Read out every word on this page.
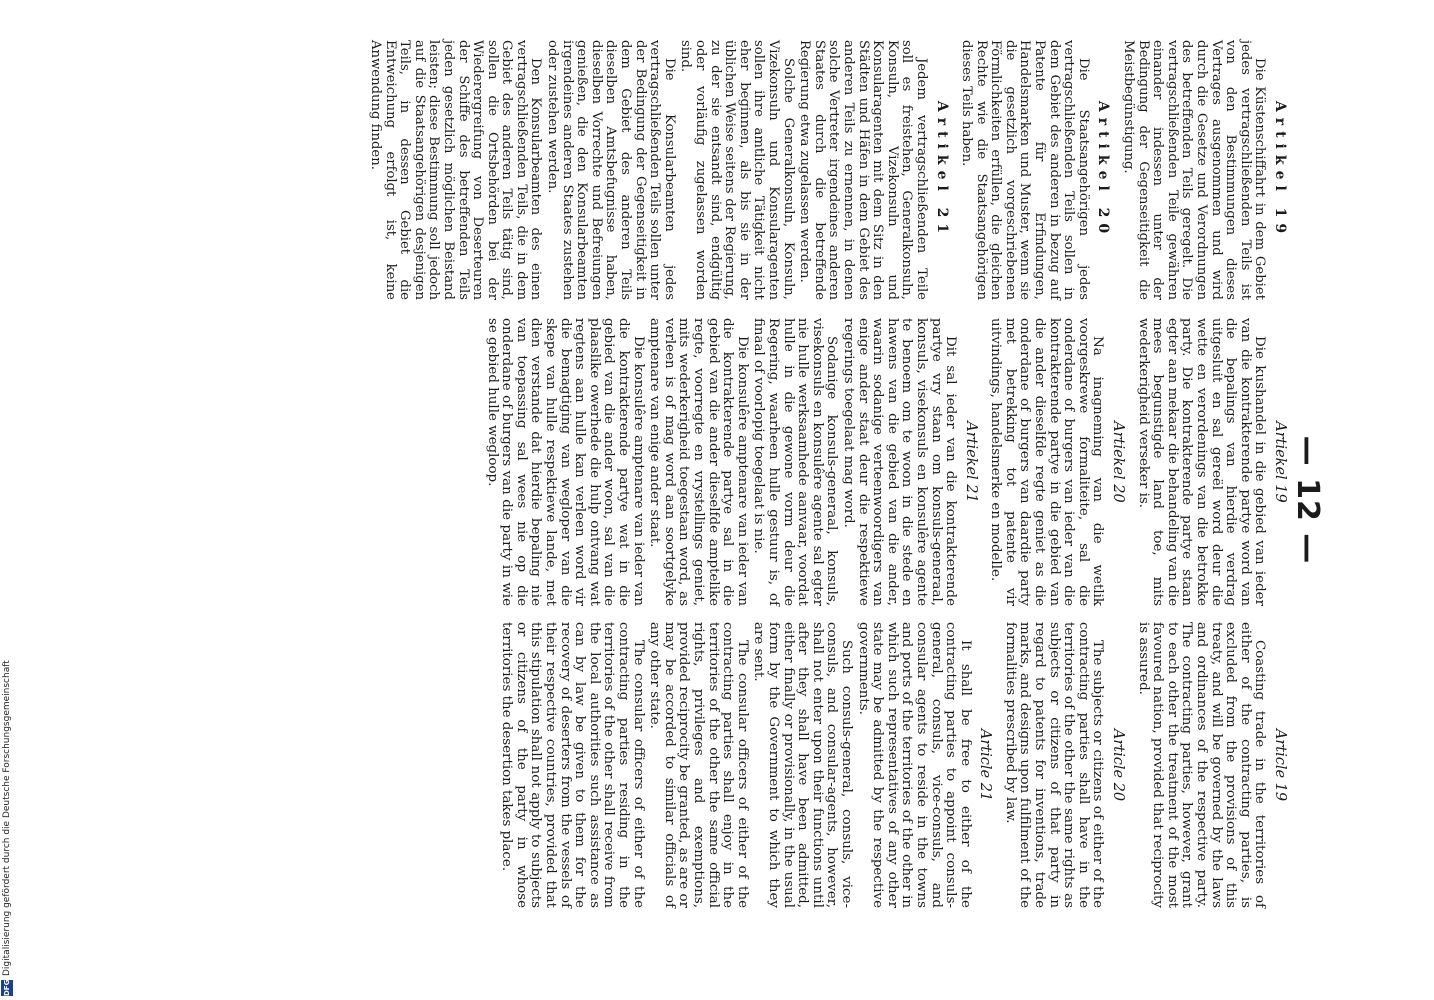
— 12 —
Article 19

Coasting trade in the territories of either of the contracting parties, is excluded from the provisions of this treaty, and will be governed by the laws and ordinances of the respective party. The contracting parties, however, grant to each other the treatment of the most favoured nation, provided that reciprocity is assured.

Article 20

The subjects or citizens of either of the contracting parties shall have in the territories of the other the same rights as subjects or citizens of that party in regard to patents for inventions, trade marks, and designs upon fulfilment of the formalities prescribed by law.

Article 21

It shall be free to either of the contracting parties to appoint consuls-general, consuls, vice-consuls, and consular agents to reside in the towns and ports of the territories of the other in which such representatives of any other state may be admitted by the respective governments.

Such consuls-general, consuls, vice-consuls, and consular-agents, however, shall not enter upon their functions until after they shall have been admitted, either finally or provisionally, in the usual form by the Government to which they are sent.

The consular officers of either of the contracting parties shall enjoy in the territories of the other the same official rights, privileges and exemptions, provided reciprocity be granted, as are or may be accorded to similar officials of any other state.

The consular officers of either of the contracting parties residing in the territories of the other shall receive from the local authorities such assistance as can by law be given to them for the recovery of deserters from the vessels of their respective countries, provided that this stipulation shall not apply to subjects or citizens of the party in whose territories the desertion takes place.

Artiekel 19

Die kushandel in die gebied van ieder van die kontrakterende partye word van die bepalings van hierdie verdrag uitgesluit en sal gereël word deur die wette en verordenings van die betrokke party. Die kontrakterende partye staan egter aan mekaar die behandeling van die mees begunstigde land toe, mits wederkerigheid verseker is.

Artiekel 20

Na inagneming van die wetlik voorgeskrewe formaliteite, sal die onderdane of burgers van ieder van die kontrakterende partye in die gebied van die ander dieselfde regte geniet as die onderdane of burgers van daardie party met betrekking tot patente vir uitvindings, handelsmerke en modelle.

Artiekel 21

Dit sal ieder van die kontrakterende partye vry staan om konsuls-generaal, konsuls, visekonsuls en konsulêre agente te benoem om te woon in die stede en hawens van die gebied van die ander, waarin sodanige verteenwoordigers van enige ander staat deur die respektiewe regerings toegelaat mag word.

Sodanige konsuls-generaal, konsuls, visekonsuls en konsulêre agente sal egter nie hulle werksaamhede aanvaar, voordat hulle in die gewone vorm deur die Regering, waarheen hulle gestuur is, of finaal of voorlopig toegelaat is nie.

Die konsulêre amptenare van ieder van die kontrakterende partye sal in die gebied van die ander dieselfde amptelike regte, voorregte en vrystellings geniet, mits wederkerigheid toegestaan word, as verleen is of mag word aan soortgelyke amptenare van enige ander staat.

Die konsulêre amptenare van ieder van die kontrakterende partye wat in die gebied van die ander woon, sal van die plaaslike owerhede die hulp ontvang wat regtens aan hulle kan verleen word vir die bemagtiging van wegloper van die skepe van hulle respektiewe lande, met dien verstande dat hierdie bepaling nie van toepassing sal wees nie op die onderdane of burgers van die party in wie se gebied hulle wegloop.

Artikel 19

Die Küstenschiffahrt in dem Gebiet jedes vertragschließenden Teils ist von den Bestimmungen dieses Vertrages ausgenommen und wird durch die Gesetze und Verordnungen des betreffenden Teils geregelt. Die vertragschließenden Teile gewähren einander indessen unter der Bedingung der Gegenseitigkeit die Meistbegünstigung.

Artikel 20

Die Staatsangehörigen jedes vertragschließenden Teils sollen in dem Gebiet des anderen in bezug auf Patente für Erfindungen, Handelsmarken und Muster, wenn sie die gesetzlich vorgeschriebenen Förmlichkeiten erfüllen, die gleichen Rechte wie die Staatsangehörigen dieses Teils haben.

Artikel 21

Jedem vertragschließenden Teile soll es freistehen, Generalkonsuln, Konsuln, Vizekonsuln und Konsularagenten mit dem Sitz in den Städten und Häfen in dem Gebiet des anderen Teils zu ernennen, in denen solche Vertreter irgendeines anderen Staates durch die betreffende Regierung etwa zugelassen werden.

Solche Generalkonsuln, Konsuln, Vizekonsuln und Konsularagenten sollen ihre amtliche Tätigkeit nicht eher beginnen, als bis sie in der üblichen Weise seitens der Regierung, zu der sie entsandt sind, endgültig oder vorläufig zugelassen worden sind.

Die Konsularbeamten jedes vertragschließenden Teils sollen unter der Bedingung der Gegenseitigkeit in dem Gebiet des anderen Teils dieselben Amtsbefugnisse haben, dieselben Vorrechte und Befreiungen genießen, die den Konsularbeamten irgendeines anderen Staates zustehen oder zustehen werden.

Den Konsularbeamten des einen vertragschließenden Teils, die in dem Gebiet des anderen Teils tätig sind, sollen die Ortsbehörden bei der Wiederergreifung von Deserteuren der Schiffe des betreffenden Teils jeden gesetzlich möglichen Beistand leisten; diese Bestimmung soll jedoch auf die Staatsangehörigen desjenigen Teils, in dessen Gebiet die Entweichung erfolgt ist, keine Anwendung finden.

DFG
Digitalisierung gefördert durch die Deutsche Forschungsgemeinschaft
